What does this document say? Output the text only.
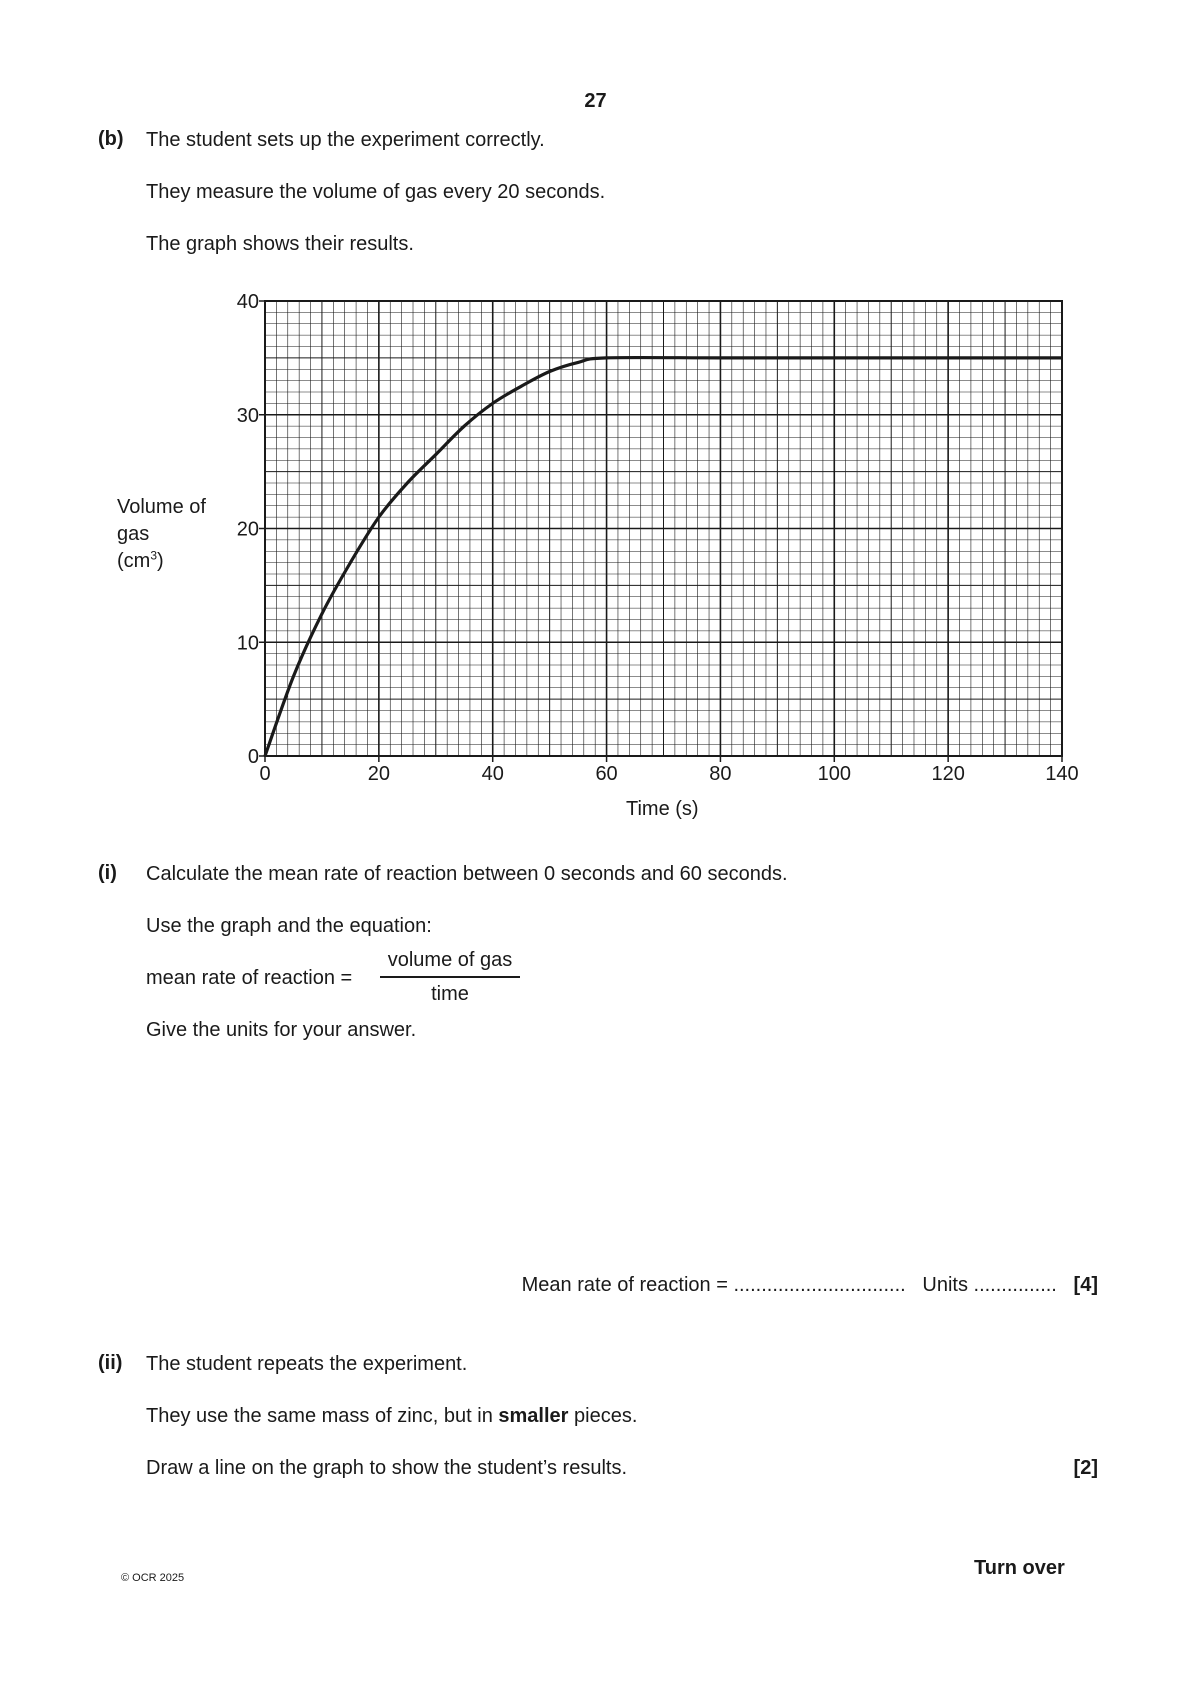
27
(b) The student sets up the experiment correctly.
They measure the volume of gas every 20 seconds.
The graph shows their results.
Volume of
gas
$(cm^3)$
0	20	40	60	80	100	120	140
0
10
20
30
40
Time (s)
(i) Calculate the mean rate of reaction between 0 seconds and 60 seconds.
Use the graph and the equation:
mean rate of reaction =
volume of gas
time
Give the units for your answer.
Mean rate of reaction = ............................... Units ............... [4]
(ii) The student repeats the experiment.
They use the same mass of zinc, but in smaller pieces.
Draw a line on the graph to show the student’s results.	[2]
© OCR 2025	Turn over
